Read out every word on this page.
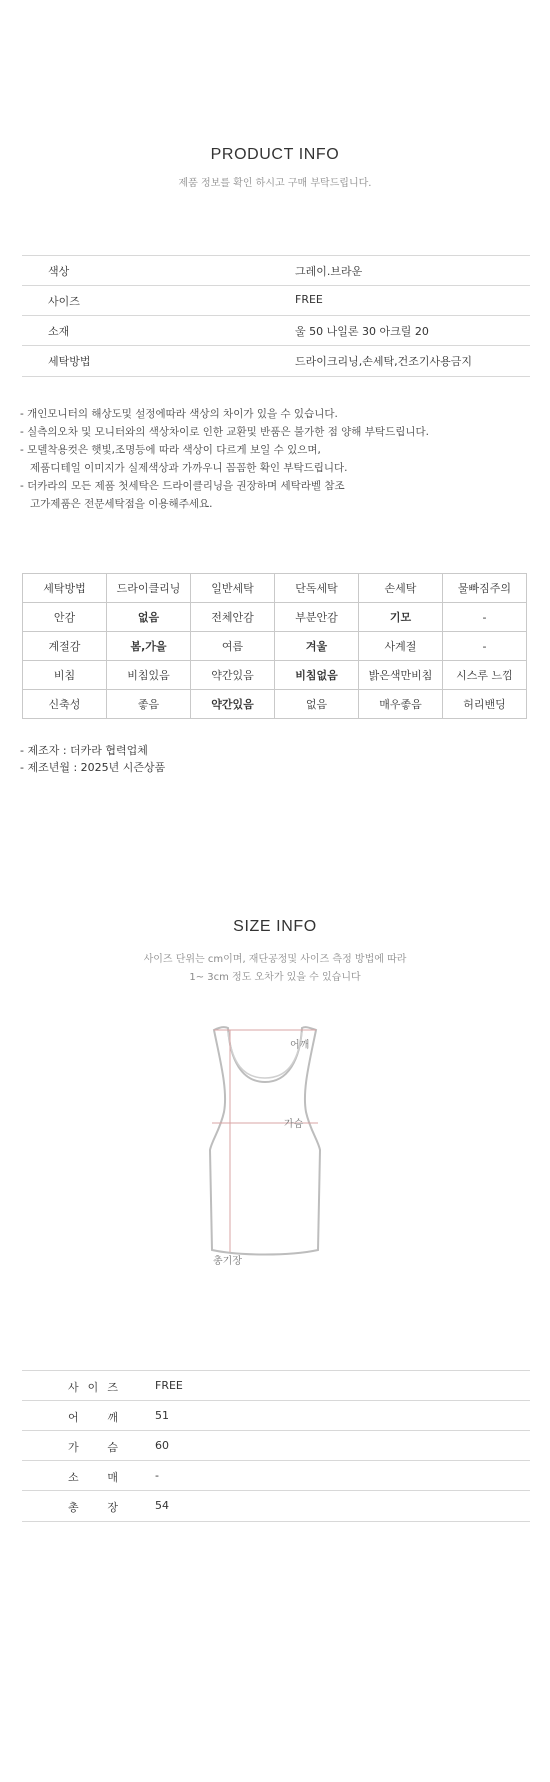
PRODUCT INFO
제품 정보를 확인 하시고 구매 부탁드립니다.
색상	그레이.브라운
사이즈	FREE
소재	울 50 나일론 30 아크릴 20
세탁방법	드라이크리닝,손세탁,건조기사용금지
- 개인모니터의 해상도및 설정에따라 색상의 차이가 있을 수 있습니다.
- 실측의오차 및 모니터와의 색상차이로 인한 교환및 반품은 불가한 점 양해 부탁드립니다.
- 모델착용컷은 햇빛,조명등에 따라 색상이 다르게 보일 수 있으며,
제품디테일 이미지가 실제색상과 가까우니 꼼꼼한 확인 부탁드립니다.
- 더카라의 모든 제품 첫세탁은 드라이클리닝을 권장하며 세탁라벨 참조
고가제품은 전문세탁점을 이용해주세요.
세탁방법	드라이클리닝	일반세탁	단독세탁	손세탁	물빠짐주의
안감	없음	전체안감	부분안감	기모	-
계절감	봄,가을	여름	겨울	사계절	-
비침	비침있음	약간있음	비침없음	밝은색만비침	시스루 느낌
신축성	좋음	약간있음	없음	매우좋음	허리밴딩
- 제조자 : 더카라 협력업체
- 제조년월 : 2025년 시즌상품
SIZE INFO
사이즈 단위는 cm이며, 재단공정및 사이즈 측정 방법에 따라
1~ 3cm 정도 오차가 있을 수 있습니다
어깨
가슴
총기장
사 이 즈	FREE
어	깨	51
가	슴	60
소	매	-
총	장	54
